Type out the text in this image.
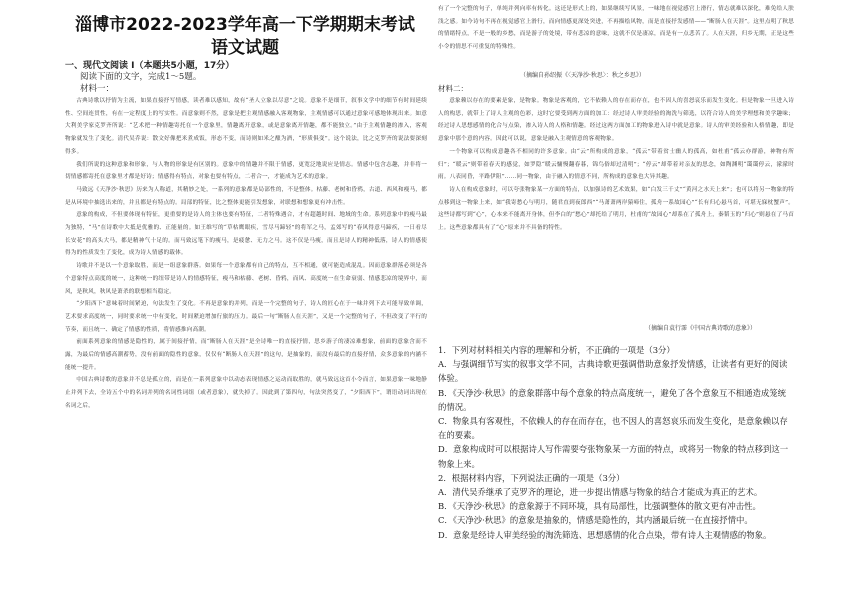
淄博市2022-2023学年高一下学期期末考试
语文试题
一、现代文阅读 I（本题共5小题，17分）
阅读下面的文字，完成1～5题。
材料一：

古典诗歌以抒情为主流，如果直接抒写情感，读者难以感知，故有“圣人立象以尽意”之说。意象不是细节，叙事文学中的细节有时间延续性、空间连贯性，有在一定程度上的写实性。而意象则不然，意象是把主观情感融入客观物象，主观情感可以通过意象可感地体现出来。如意大利美学家克罗齐所说：“艺术把一种情趣寄托在一个意象里，情趣离开意象，或是意象离开情趣，都不能独立。”由于主观情趣的渗入，客观物象就发生了变化。清代吴乔说：散文好像把米煮成饭，形态不变，而诗则如米之酿为酒，“形质俱变”。这个说法，比之克罗齐的说法要深刻得多。

我们所说的这种意象和形象，与人物的形象是有区别的。意象中的情趣并不限于情感，更宽泛地说应是情志。情感中包含志趣，并非将一切情感都寄托在意象里才都是好诗；情感得有特点，对象也要有特点，二者合一，才能成为艺术的意象。

马致远《天净沙·秋思》历来为人称道，其精妙之处，一系列的意象都是局部性的，不是整体。枯藤、老树和昏鸦，古道、西风和瘦马，都是从环境中抽选出来的，并且都是有特点的。局部的特征，比之整体更能引发想象，对联想和想象更有冲击性。

意象的构成，不但要体现有特征，更重要的是诗人的主体也要有特征，二者特殊遇合，才有超越时间、地域的生命。系列意象中的瘦马最为独特，“马”在诗歌中大抵是优雅的、正能量的。如王维写的“草枯鹰眼疾，雪尽马蹄轻”的将军之马，孟郊写的“春风得意马蹄疾，一日看尽长安花”的高头大马，都是精神气十足的。而马致远笔下的瘦马，是疲惫、无力之马。这不仅是马瘦，而且是诗人的精神低落，诗人的情感使得为的性质发生了变化，成为诗人情感的载体。

诗歌并不是以一个意象取胜，而是一组意象群落。如果每一个意象都有自己的特点，互不相通，就可能造成混乱。因而意象群落必须是各个意象特点高度的统一，这种统一的纽带是诗人的情感特征，瘦马和枯藤、老树、昏鸦，而风、高度统一在生命衰弱、情感悲凉的境界中，而风，是秋风，秋风是萧杀的联想相当稳定。

“夕阳西下”意味着时间紧迫，句法发生了变化。不再是意象的并列，而是一个完整的句子，诗人的匠心在于一味并列下去可能导致单调，艺术要求高度统一，同时要求统一中有变化，时间紧迫增加行旅的压力。最后一句“断肠人在天涯”，又是一个完整的句子，不但改变了平行的节奏，而且统一、确定了情感的性质，将情感推向高潮。

前面系列意象的情感是隐性的，属于间接抒情，而“断肠人在天涯”是全诗唯一的直接抒情，思乡游子的凄凉难想象，前面的意象含而不露，为最后的情感高潮蓄势，没有前面的隐性的意象，仅仅有“断肠人在天涯”的这句，是抽象的，而没有最后的直接抒情，众多意象的内涵不能统一提升。

中国古典诗歌的意象并不总是孤立的，而是在一系列意象中以动态表现情感之运动而取胜的，就马致远这首小令而言，如果意象一味地静止并列下去，全诗五个中的名词并列的名词性词组（或者意象），就失掉了。因此到了第四句，句法突然变了，“夕阳西下”，谓语动词出现在名词之后，

有了一个完整的句子，单纯并列向率有转化。这还是形式上的，如果继续写风景，一味地在视觉感官上滑行，情志就难以深化，难免给人肤浅之感。如今诗句不再在视觉感官上滑行，而向情感更深处突进，不再描绘风物，而是直接抒发感情——“断肠人在天涯”。这里点明了秋思的情绪特点，不是一般的乡愁，而是游子的处境，带有悲凉的意味，这就不仅是凄凉，而是有一点悲苦了。人在天涯，归乡无期，正是这些小令的情思不可重复的特殊性。

（摘编自孙绍振《〈天净沙·秋思〉：秋之乡思》）
材料二：

意象赖以存在的要素是象，是物象。物象是客观的，它不依赖人的存在而存在，也不因人的喜怒哀乐而发生变化。但是物象一旦进入诗人的构思，就带上了诗人主观的色彩，这时它要受到两方面的加工：经过诗人审美经验的淘洗与筛选，以符合诗人的美学理想和美学趣味；经过诗人思想感情的化合与点染，渗入诗人的人格和情趣。经过这两方面加工的物象进入诗中就是意象。诗人的审美经验和人格情趣，即是意象中那个意的内容。因此可以说，意象是融入主观情意的客观物象。

一个物象可以构成意趣各不相同的许多意象。由“云”所构成的意象，“孤云”带着贫士幽人的孤高，如杜甫“孤云亦群游，神物有所归”；“暖云”则带着春天的感觉，如罗隐“暖云慵慢翻春暮，锦鸟俗却过清明”；“停云”却带着对亲友的思念，如陶渊明“霭霭停云，濛濛时雨。八表同昏，平路伊阻”……同一物象，由于融入的情意不同，所构成的意象也大异其趣。

诗人在构成意象时，可以夸张物象某一方面的特点，以加强诗的艺术效果，如“白发三千丈”“黄河之水天上来”；也可以将另一物象的特点移到这一物象上来，如“我寄愁心与明月，随君直到夜郎西”“马萧萧两岸猿啼住，孤舟一系故园心”“长有归心悬马首，可堪无寐枕蟹声”。这些诗都写到“心”，心本来不能离开身体，但李白的“愁心”却托给了明月，杜甫的“故园心”却系在了孤舟上，秦韬玉的“归心”则悬在了马首上。这些意象都具有了“心”原来并不具备的特性。

（摘编自袁行霈《中国古典诗歌的意象》）

1．下列对材料相关内容的理解和分析，不正确的一项是（3分）

A．与强调细节写实的叙事文学不同，古典诗歌更强调借助意象抒发情感，让读者有更好的阅读体验。

B．《天净沙·秋思》的意象群落中每个意象的特点高度统一，避免了各个意象互不相通造成笼统的情况。

C．物象具有客观性，不依赖人的存在而存在，也不因人的喜怒哀乐而发生变化，是意象赖以存在的要素。

D．意象构成时可以根据诗人写作需要夸张物象某一方面的特点，或将另一物象的特点移到这一物象上来。

2．根据材料内容，下列说法正确的一项是（3分）

A．清代吴乔继承了克罗齐的理论，进一步提出情感与物象的结合才能成为真正的艺术。

B．《天净沙·秋思》的意象源于不同环境，具有局部性，比强调整体的散文更有冲击性。

C．《天净沙·秋思》的意象是抽象的，情感是隐性的，其内涵最后统一在直接抒情中。

D．意象是经诗人审美经验的淘洗筛选、思想感情的化合点染，带有诗人主观情感的物象。
